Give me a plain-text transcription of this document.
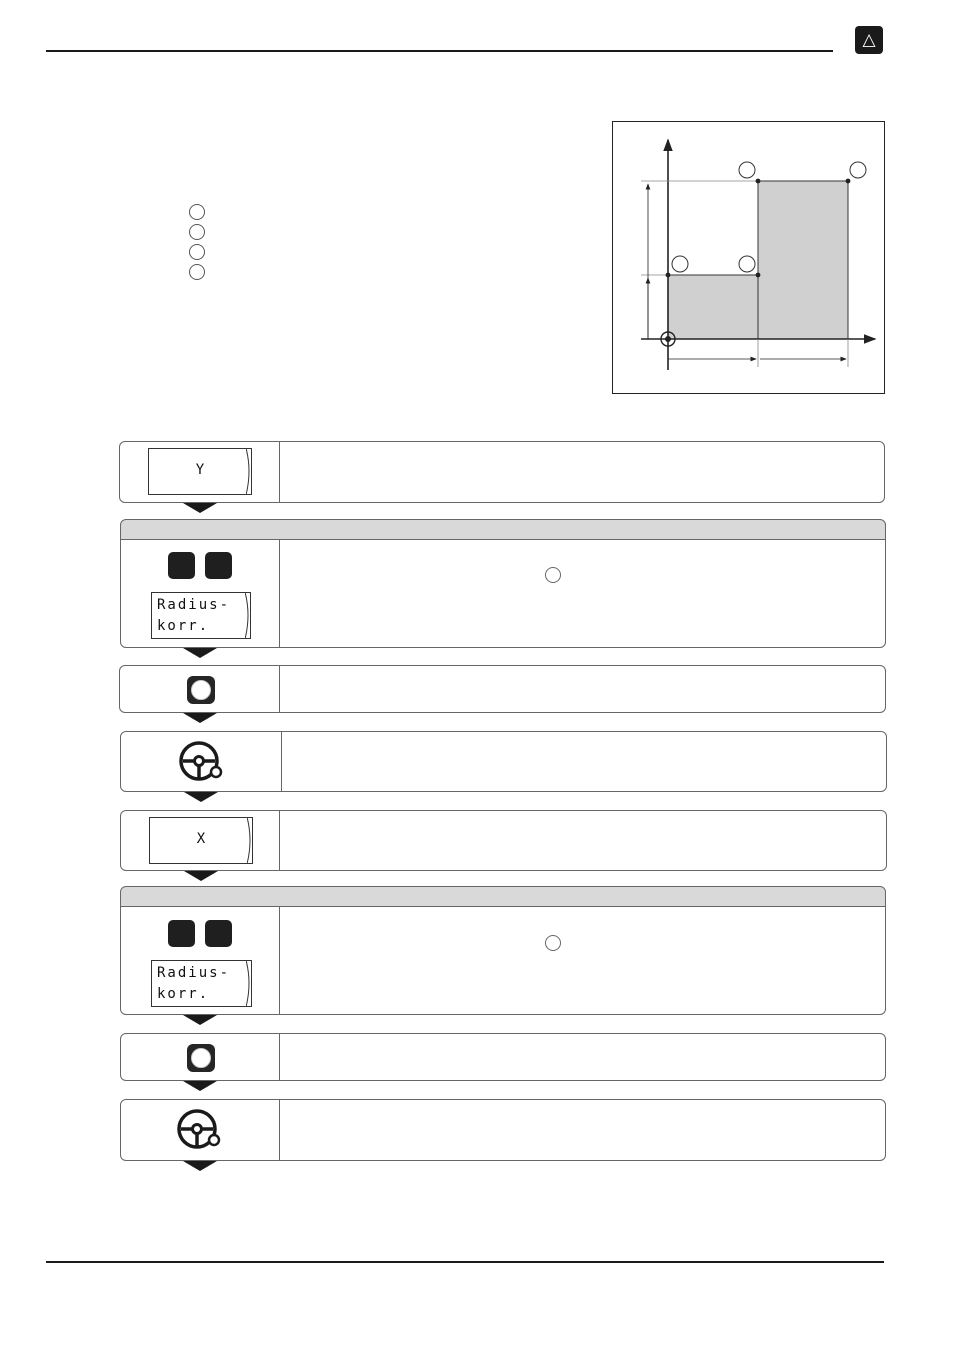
△
Y
Radius-
korr.
X
Radius-
korr.
